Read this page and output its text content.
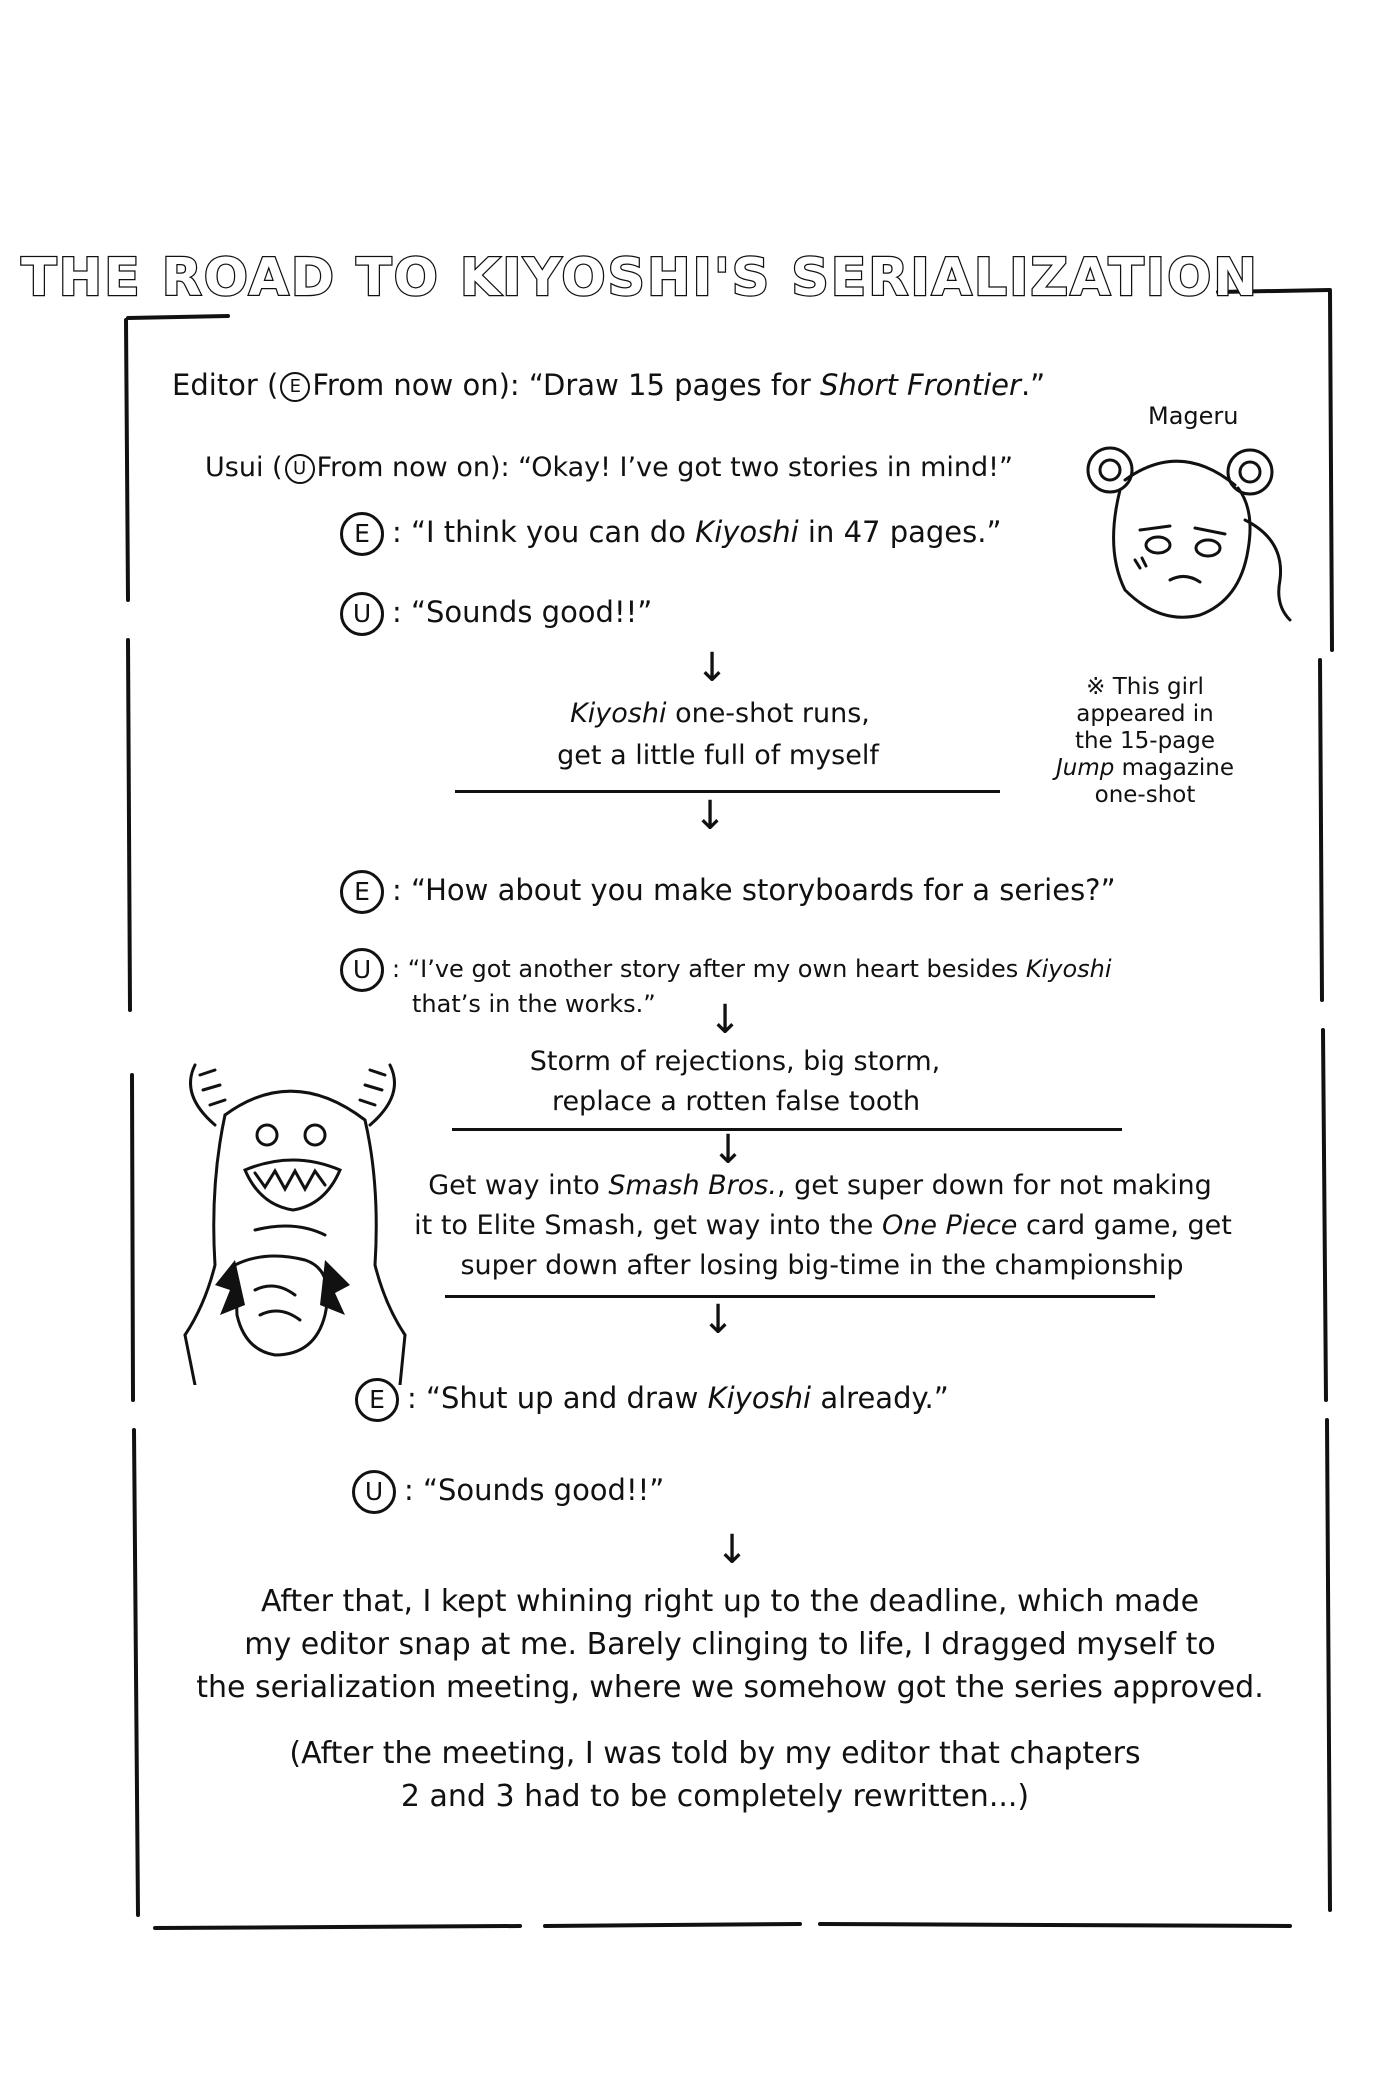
THE ROAD TO KIYOSHI'S SERIALIZATION
Editor ( E From now on): “Draw 15 pages for Short Frontier.”
Mageru
Usui ( U From now on): “Okay! I’ve got two stories in mind!”
E : “I think you can do Kiyoshi in 47 pages.”
U : “Sounds good!!”
↓
Kiyoshi one-shot runs,
get a little full of myself
↓
※ This girl
appeared in
the 15-page
Jump magazine
one-shot
E : “How about you make storyboards for a series?”
U : “I’ve got another story after my own heart besides Kiyoshi
that’s in the works.” ↓
Storm of rejections, big storm,
replace a rotten false tooth
↓
Get way into Smash Bros., get super down for not making
it to Elite Smash, get way into the One Piece card game, get
super down after losing big-time in the championship
↓
E : “Shut up and draw Kiyoshi already.”
U : “Sounds good!!”
↓
After that, I kept whining right up to the deadline, which made
my editor snap at me. Barely clinging to life, I dragged myself to
the serialization meeting, where we somehow got the series approved.
(After the meeting, I was told by my editor that chapters
2 and 3 had to be completely rewritten...)
